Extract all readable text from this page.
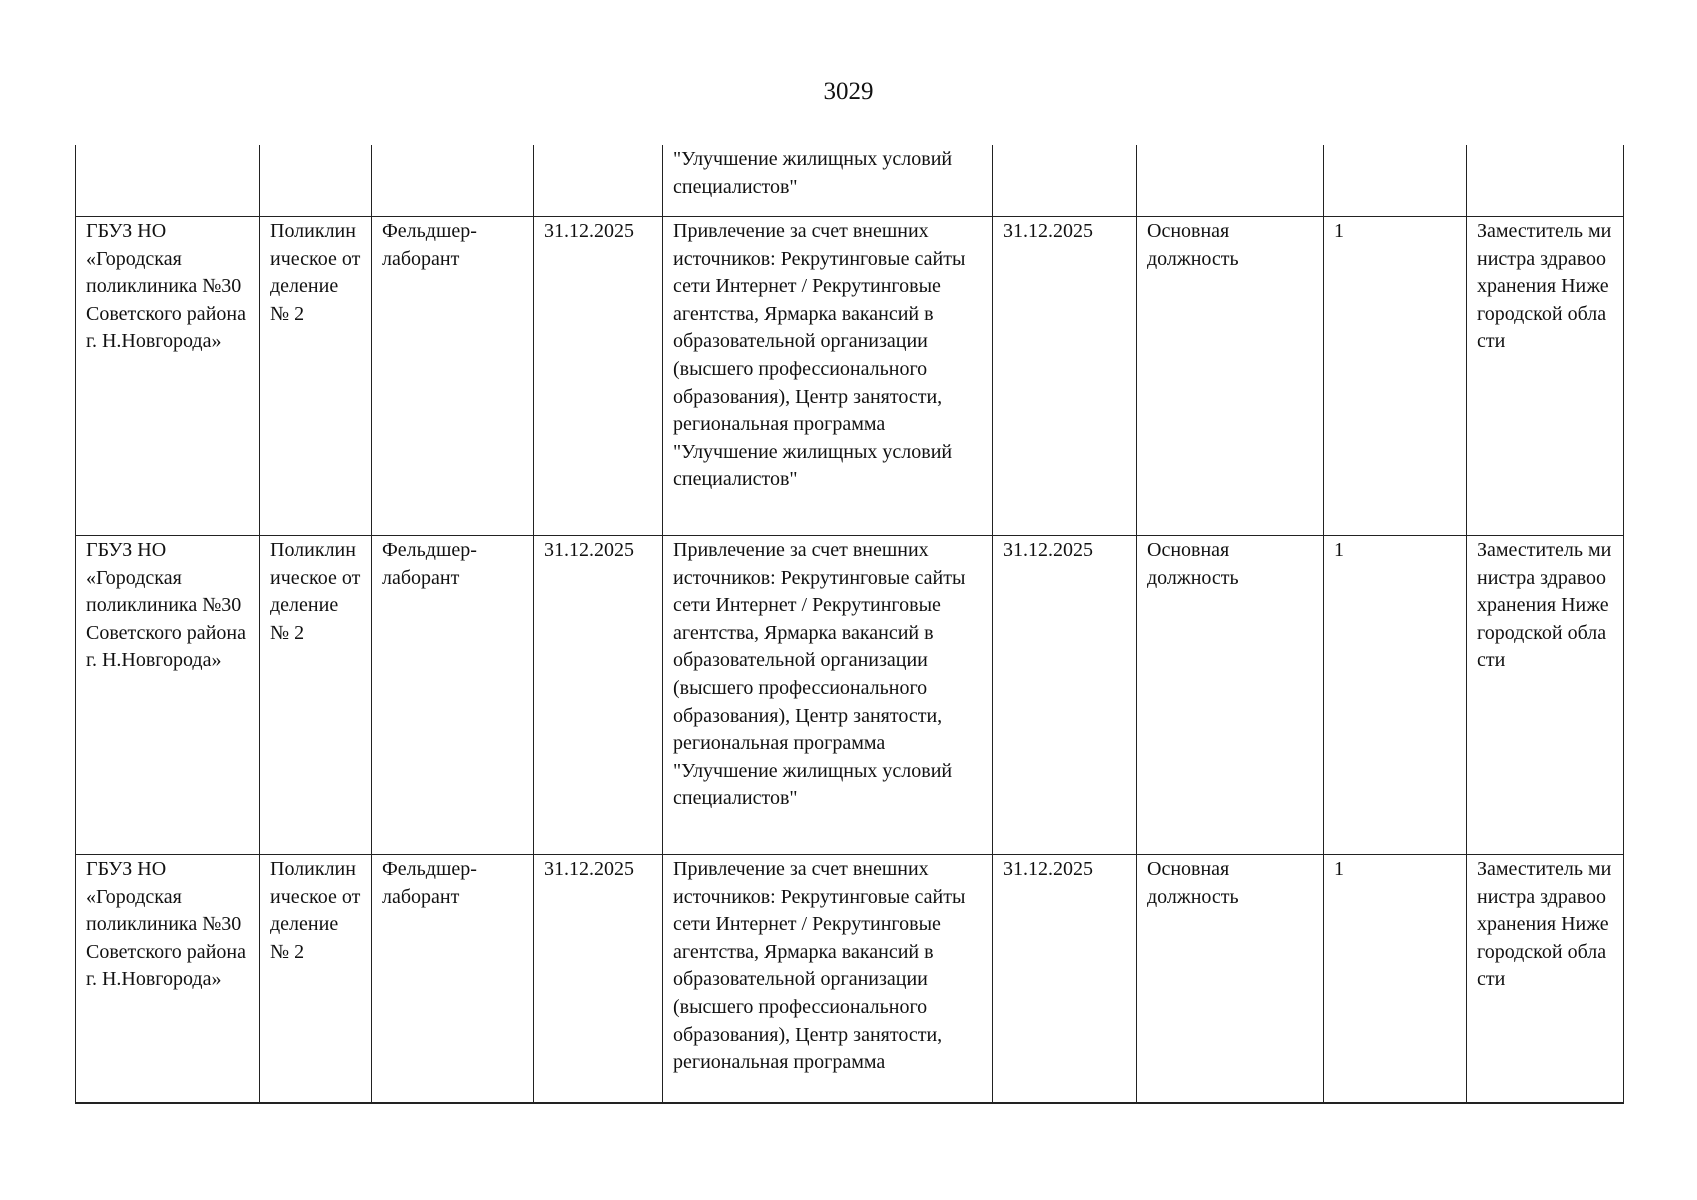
3029
				"Улучшение жилищных условий специалистов"				
ГБУЗ НО «Городская поликлиника №30 Советского района г. Н.Новгорода»	Поликлиническое отделение № 2	Фельдшер-лаборант	31.12.2025	Привлечение за счет внешних источников: Рекрутинговые сайты сети Интернет / Рекрутинговые агентства, Ярмарка вакансий в образовательной организации (высшего профессионального образования), Центр занятости, региональная программа "Улучшение жилищных условий специалистов"	31.12.2025	Основная должность	1	Заместитель министра здравоохранения Нижегородской области
ГБУЗ НО «Городская поликлиника №30 Советского района г. Н.Новгорода»	Поликлиническое отделение № 2	Фельдшер-лаборант	31.12.2025	Привлечение за счет внешних источников: Рекрутинговые сайты сети Интернет / Рекрутинговые агентства, Ярмарка вакансий в образовательной организации (высшего профессионального образования), Центр занятости, региональная программа "Улучшение жилищных условий специалистов"	31.12.2025	Основная должность	1	Заместитель министра здравоохранения Нижегородской области
ГБУЗ НО «Городская поликлиника №30 Советского района г. Н.Новгорода»	Поликлиническое отделение № 2	Фельдшер-лаборант	31.12.2025	Привлечение за счет внешних источников: Рекрутинговые сайты сети Интернет / Рекрутинговые агентства, Ярмарка вакансий в образовательной организации (высшего профессионального образования), Центр занятости, региональная программа	31.12.2025	Основная должность	1	Заместитель министра здравоохранения Нижегородской области
